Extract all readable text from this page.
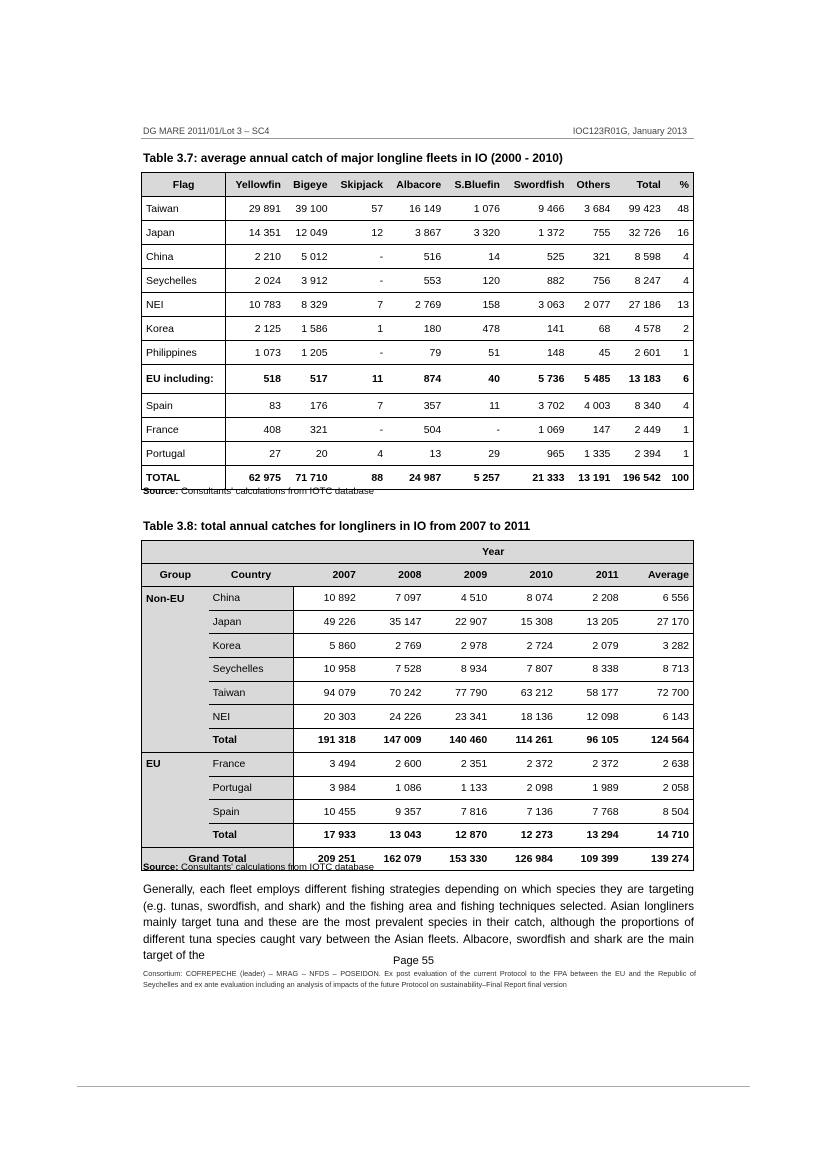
DG MARE 2011/01/Lot 3 – SC4	IOC123R01G, January 2013
Table 3.7: average annual catch of major longline fleets in IO (2000 - 2010)
Flag	Yellowfin	Bigeye	Skipjack	Albacore	S.Bluefin	Swordfish	Others	Total	%
Taiwan	29 891	39 100	57	16 149	1 076	9 466	3 684	99 423	48
Japan	14 351	12 049	12	3 867	3 320	1 372	755	32 726	16
China	2 210	5 012	-	516	14	525	321	8 598	4
Seychelles	2 024	3 912	-	553	120	882	756	8 247	4
NEI	10 783	8 329	7	2 769	158	3 063	2 077	27 186	13
Korea	2 125	1 586	1	180	478	141	68	4 578	2
Philippines	1 073	1 205	-	79	51	148	45	2 601	1
EU including:	518	517	11	874	40	5 736	5 485	13 183	6
Spain	83	176	7	357	11	3 702	4 003	8 340	4
France	408	321	-	504	-	1 069	147	2 449	1
Portugal	27	20	4	13	29	965	1 335	2 394	1
TOTAL	62 975	71 710	88	24 987	5 257	21 333	13 191	196 542	100
Source: Consultants' calculations from IOTC database
Table 3.8: total annual catches for longliners in IO from 2007 to 2011
		Year					
Group	Country	2007	2008	2009	2010	2011	Average
Non-EU	China	10 892	7 097	4 510	8 074	2 208	6 556
	Japan	49 226	35 147	22 907	15 308	13 205	27 170
	Korea	5 860	2 769	2 978	2 724	2 079	3 282
	Seychelles	10 958	7 528	8 934	7 807	8 338	8 713
	Taiwan	94 079	70 242	77 790	63 212	58 177	72 700
	NEI	20 303	24 226	23 341	18 136	12 098	6 143
	Total	191 318	147 009	140 460	114 261	96 105	124 564
EU	France	3 494	2 600	2 351	2 372	2 372	2 638
	Portugal	3 984	1 086	1 133	2 098	1 989	2 058
	Spain	10 455	9 357	7 816	7 136	7 768	8 504
	Total	17 933	13 043	12 870	12 273	13 294	14 710
Grand Total		209 251	162 079	153 330	126 984	109 399	139 274
Source: Consultants' calculations from IOTC database
Generally, each fleet employs different fishing strategies depending on which species they are targeting (e.g. tunas, swordfish, and shark) and the fishing area and fishing techniques selected. Asian longliners mainly target tuna and these are the most prevalent species in their catch, although the proportions of different tuna species caught vary between the Asian fleets. Albacore, swordfish and shark are the main target of the	Page 55
Consortium: COFREPECHE (leader) – MRAG – NFDS – POSEIDON. Ex post evaluation of the current Protocol to the FPA between the EU and the Republic of Seychelles and ex ante evaluation including an analysis of impacts of the future Protocol on sustainability–Final Report final version
